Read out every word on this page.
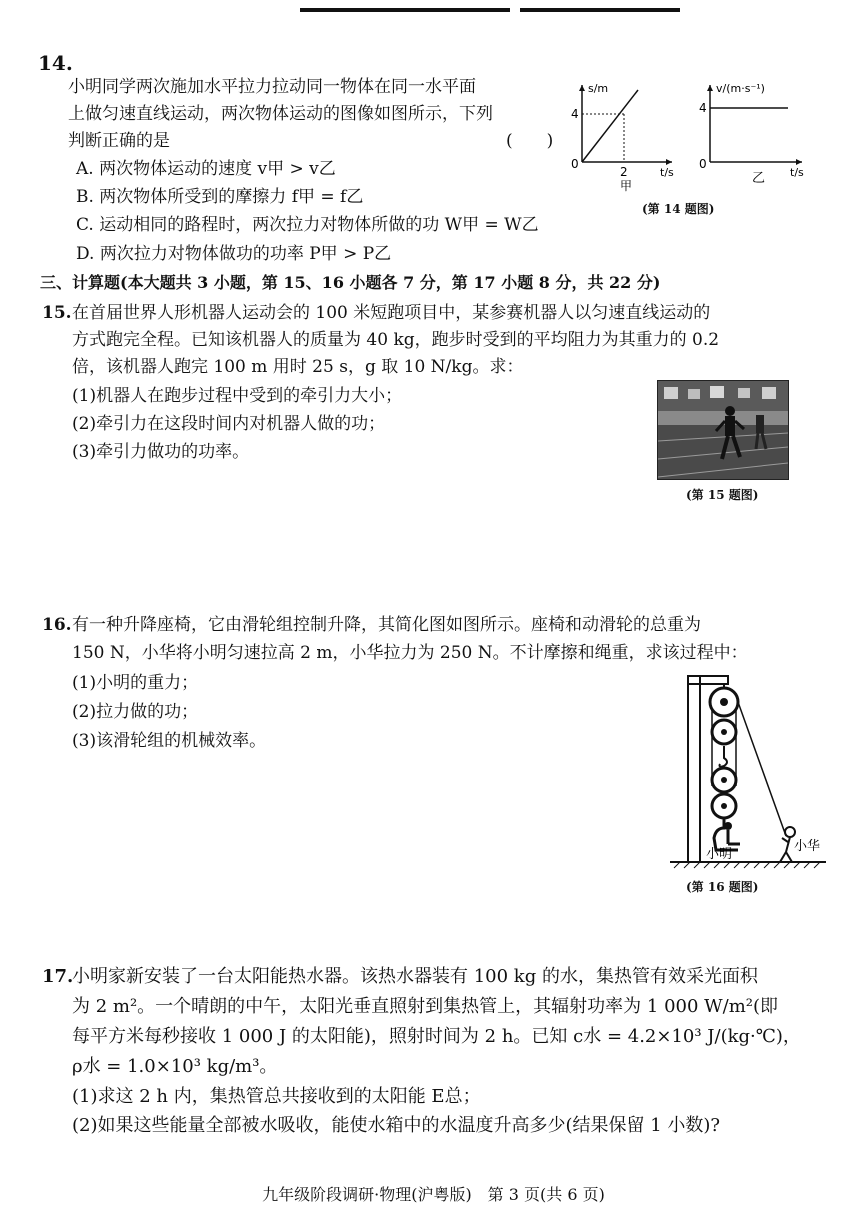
14.
小明同学两次施加水平拉力拉动同一物体在同一水平面
上做匀速直线运动，两次物体运动的图像如图所示，下列
判断正确的是	(　　)
A. 两次物体运动的速度 v甲 > v乙
B. 两次物体所受到的摩擦力 f甲 = f乙
C. 运动相同的路程时，两次拉力对物体所做的功 W甲 = W乙
D. 两次拉力对物体做功的功率 P甲 > P乙
s/m
4
0
2	t/s
甲
v/(m·s⁻¹)
4
0
t/s
乙
(第 14 题图)
三、计算题(本大题共 3 小题，第 15、16 小题各 7 分，第 17 小题 8 分，共 22 分)
15. 在首届世界人形机器人运动会的 100 米短跑项目中，某参赛机器人以匀速直线运动的
方式跑完全程。已知该机器人的质量为 40 kg，跑步时受到的平均阻力为其重力的 0.2
倍，该机器人跑完 100 m 用时 25 s，g 取 10 N/kg。求：
(1)机器人在跑步过程中受到的牵引力大小；
(2)牵引力在这段时间内对机器人做的功；
(3)牵引力做功的功率。
(第 15 题图)
16. 有一种升降座椅，它由滑轮组控制升降，其简化图如图所示。座椅和动滑轮的总重为
150 N，小华将小明匀速拉高 2 m，小华拉力为 250 N。不计摩擦和绳重，求该过程中：
(1)小明的重力；
(2)拉力做的功；
(3)该滑轮组的机械效率。
小明
小华
(第 16 题图)
17.
小明家新安装了一台太阳能热水器。该热水器装有 100 kg 的水，集热管有效采光面积
为 2 m²。一个晴朗的中午，太阳光垂直照射到集热管上，其辐射功率为 1 000 W/m²(即
每平方米每秒接收 1 000 J 的太阳能)，照射时间为 2 h。已知 c水 = 4.2×10³ J/(kg·℃)，
ρ水 = 1.0×10³ kg/m³。
(1)求这 2 h 内，集热管总共接收到的太阳能 E总；
(2)如果这些能量全部被水吸收，能使水箱中的水温度升高多少(结果保留 1 小数)?
九年级阶段调研·物理(沪粤版)　第 3 页(共 6 页)
